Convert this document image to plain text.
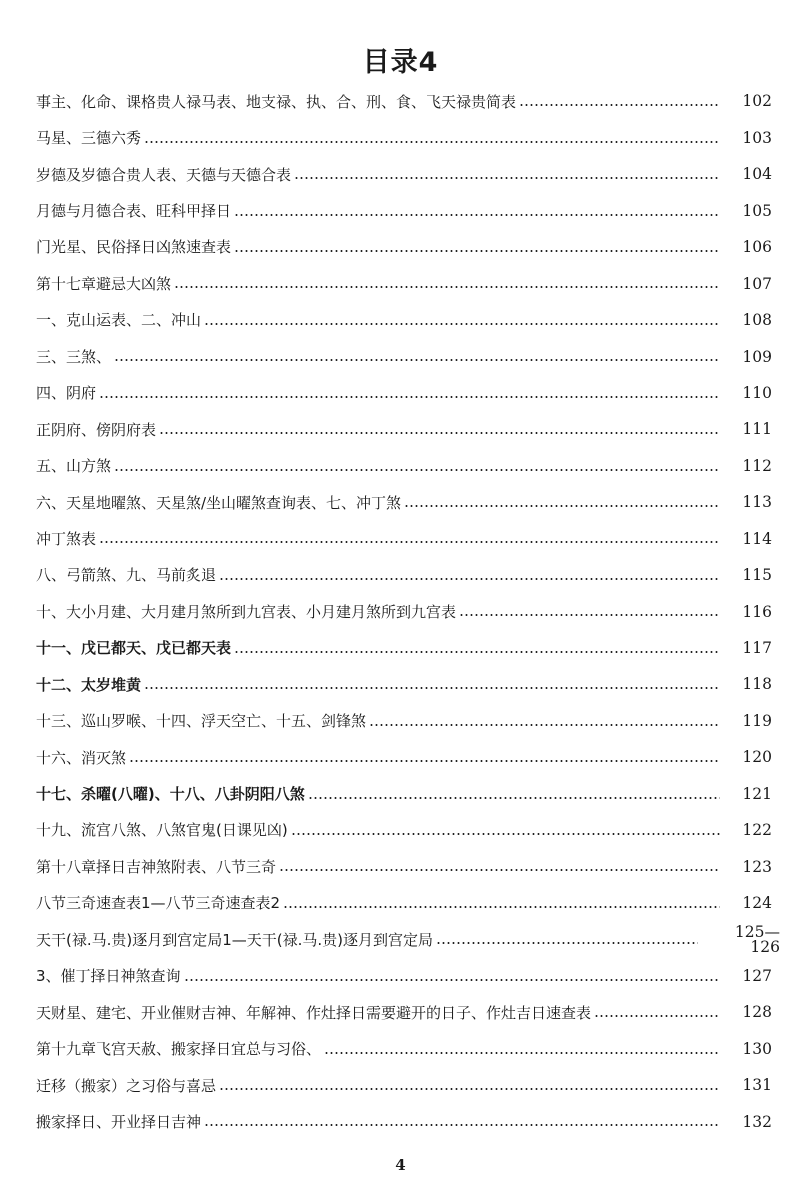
目录4
事主、化命、课格贵人禄马表、地支禄、执、合、刑、食、飞天禄贵简表	102
马星、三德六秀	103
岁德及岁德合贵人表、天德与天德合表	104
月德与月德合表、旺科甲择日	105
门光星、民俗择日凶煞速查表	106
第十七章避忌大凶煞	107
一、克山运表、二、冲山	108
三、三煞、	109
四、阴府	110
正阴府、傍阴府表	111
五、山方煞	112
六、天星地曜煞、天星煞/坐山曜煞查询表、七、冲丁煞	113
冲丁煞表	114
八、弓箭煞、九、马前炙退	115
十、大小月建、大月建月煞所到九宫表、小月建月煞所到九宫表	116
十一、戊已都天、戊已都天表	117
十二、太岁堆黄	118
十三、巡山罗喉、十四、浮天空亡、十五、剑锋煞	119
十六、消灭煞	120
十七、杀曜(八曜)、十八、八卦阴阳八煞	121
十九、流宫八煞、八煞官鬼(日课见凶)	122
第十八章择日吉神煞附表、八节三奇	123
八节三奇速查表1—八节三奇速查表2	124
天干(禄.马.贵)逐月到宫定局1—天干(禄.马.贵)逐月到宫定局	125—126
3、催丁择日神煞查询	127
天财星、建宅、开业催财吉神、年解神、作灶择日需要避开的日子、作灶吉日速查表	128
第十九章飞宫天赦、搬家择日宜总与习俗、	130
迁移（搬家）之习俗与喜忌	131
搬家择日、开业择日吉神	132
4
